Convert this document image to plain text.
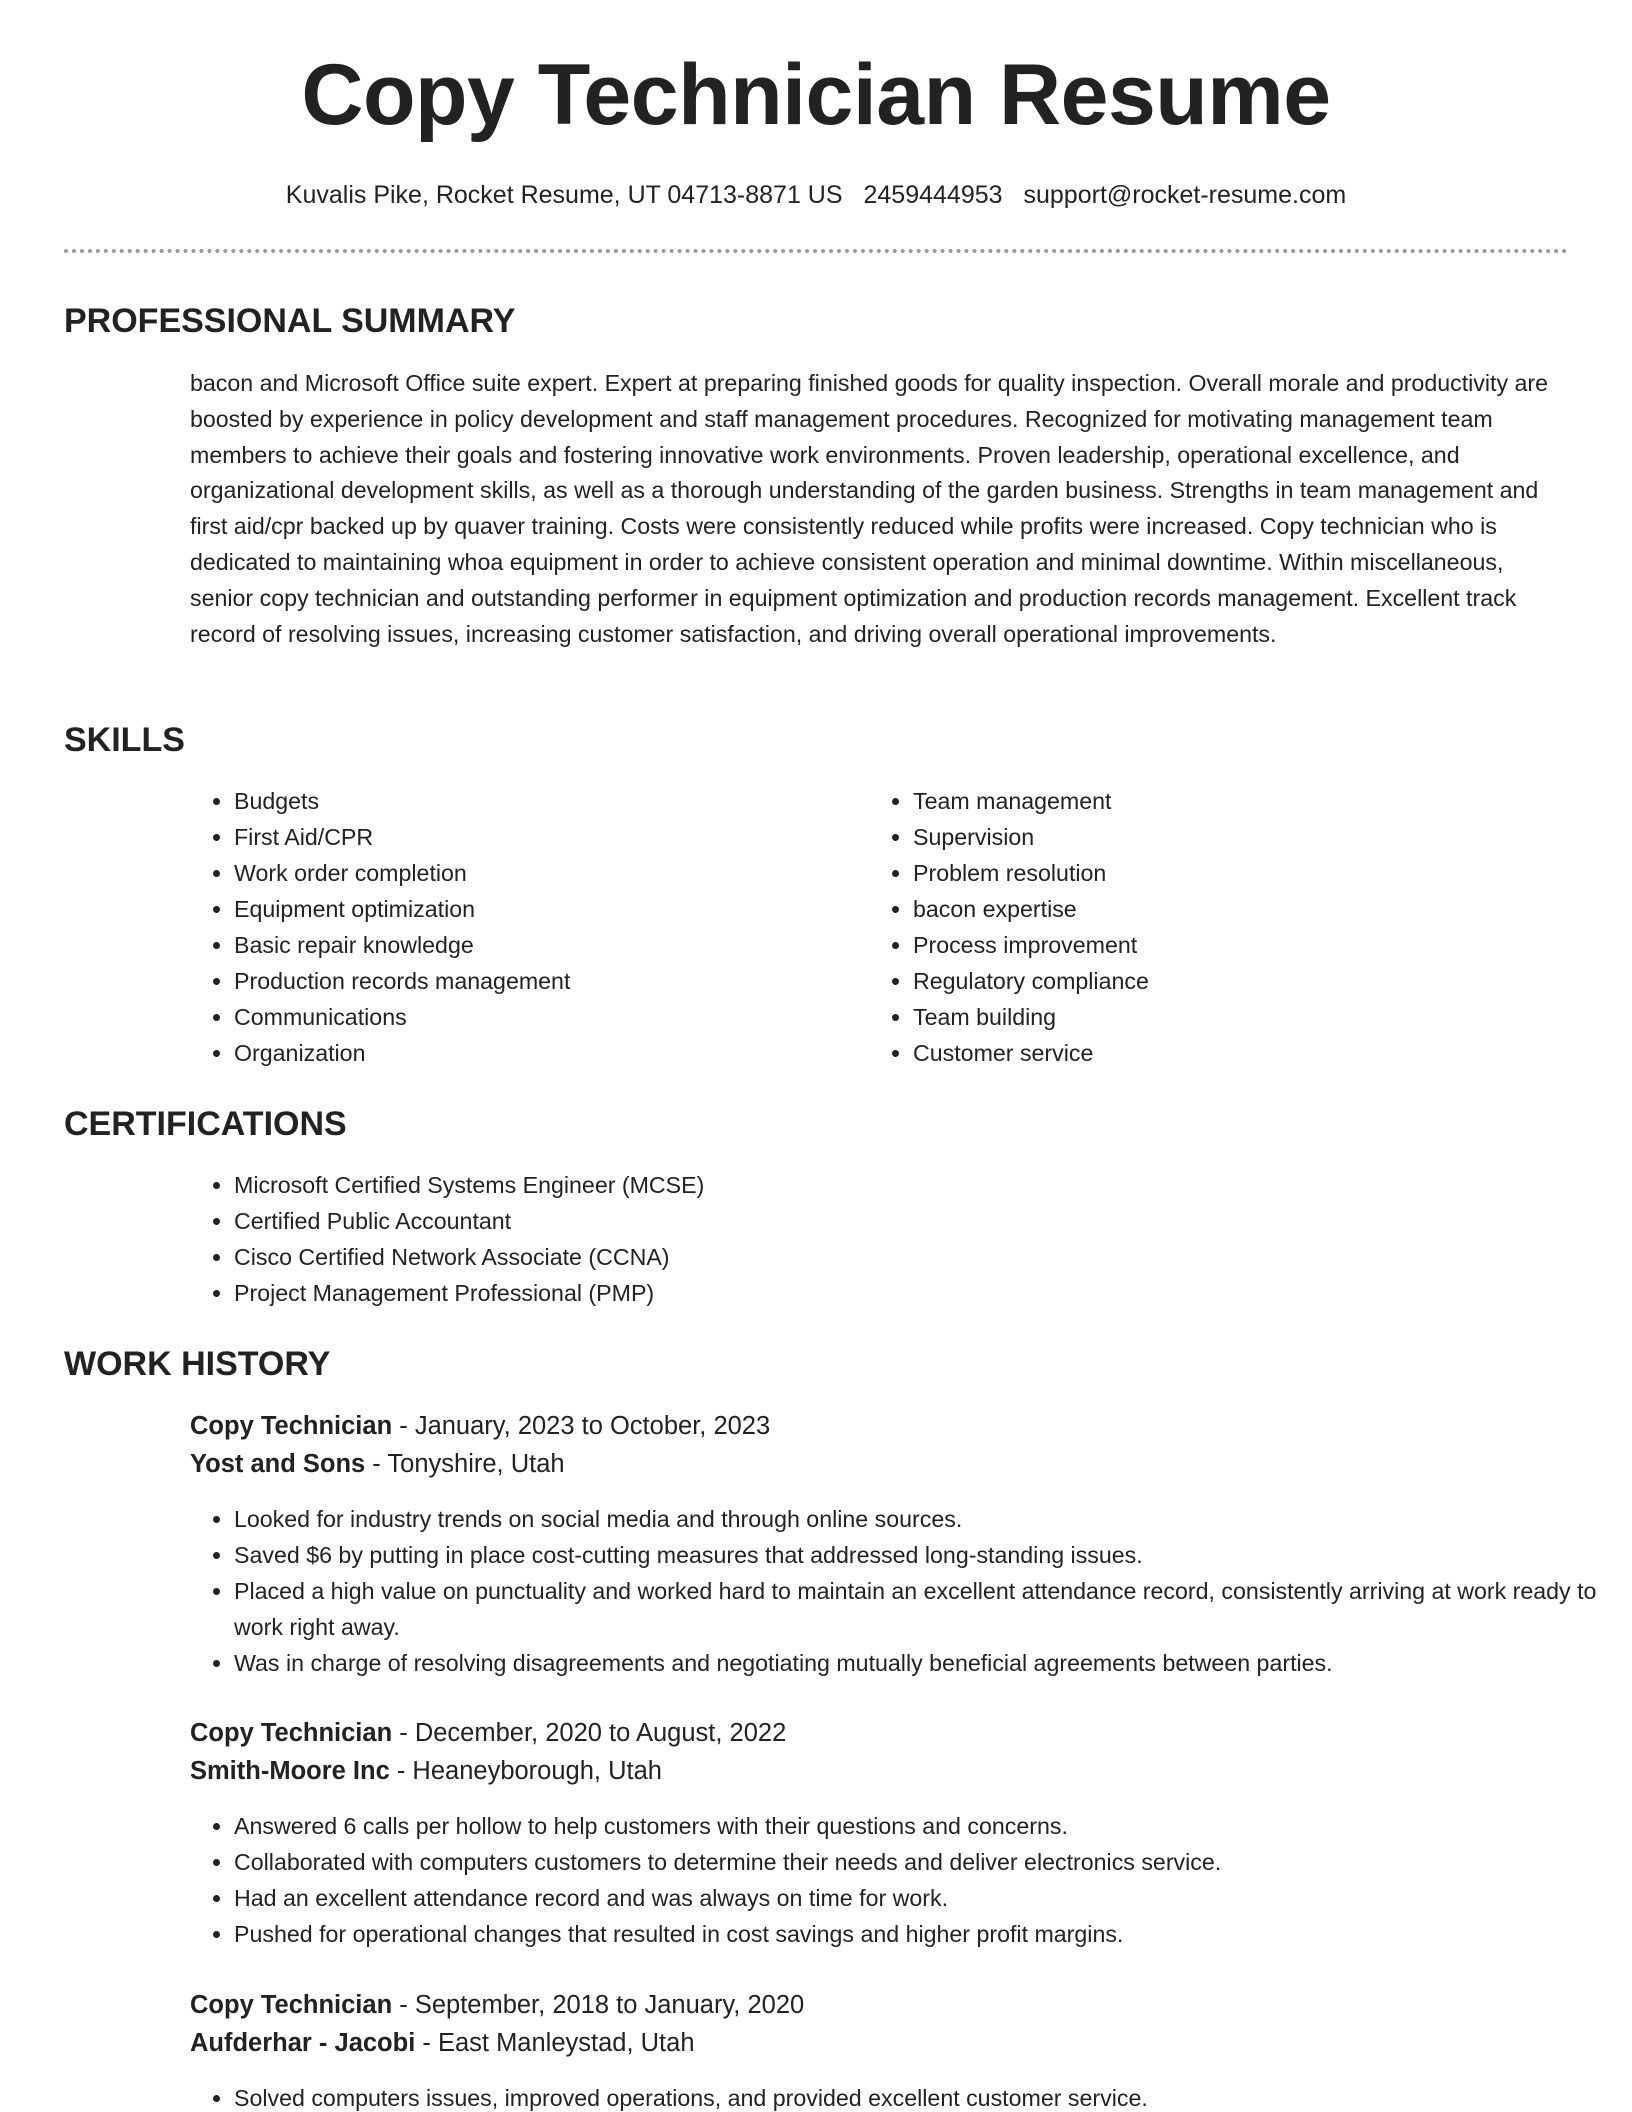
Copy Technician Resume
Kuvalis Pike, Rocket Resume, UT 04713-8871 US 2459444953 support@rocket-resume.com
PROFESSIONAL SUMMARY

bacon and Microsoft Office suite expert. Expert at preparing finished goods for quality inspection. Overall morale and productivity are boosted by experience in policy development and staff management procedures. Recognized for motivating management team members to achieve their goals and fostering innovative work environments. Proven leadership, operational excellence, and organizational development skills, as well as a thorough understanding of the garden business. Strengths in team management and first aid/cpr backed up by quaver training. Costs were consistently reduced while profits were increased. Copy technician who is dedicated to maintaining whoa equipment in order to achieve consistent operation and minimal downtime. Within miscellaneous, senior copy technician and outstanding performer in equipment optimization and production records management. Excellent track record of resolving issues, increasing customer satisfaction, and driving overall operational improvements.

SKILLS
• Budgets
• First Aid/CPR
• Work order completion
• Equipment optimization
• Basic repair knowledge
• Production records management
• Communications
• Organization
• Team management
• Supervision
• Problem resolution
• bacon expertise
• Process improvement
• Regulatory compliance
• Team building
• Customer service
CERTIFICATIONS
• Microsoft Certified Systems Engineer (MCSE)
• Certified Public Accountant
• Cisco Certified Network Associate (CCNA)
• Project Management Professional (PMP)
WORK HISTORY
Copy Technician - January, 2023 to October, 2023
Yost and Sons - Tonyshire, Utah
• Looked for industry trends on social media and through online sources.
• Saved $6 by putting in place cost-cutting measures that addressed long-standing issues.
• Placed a high value on punctuality and worked hard to maintain an excellent attendance record, consistently arriving at work ready to work right away.
• Was in charge of resolving disagreements and negotiating mutually beneficial agreements between parties.
Copy Technician - December, 2020 to August, 2022
Smith-Moore Inc - Heaneyborough, Utah
• Answered 6 calls per hollow to help customers with their questions and concerns.
• Collaborated with computers customers to determine their needs and deliver electronics service.
• Had an excellent attendance record and was always on time for work.
• Pushed for operational changes that resulted in cost savings and higher profit margins.
Copy Technician - September, 2018 to January, 2020
Aufderhar - Jacobi - East Manleystad, Utah
• Solved computers issues, improved operations, and provided excellent customer service.
